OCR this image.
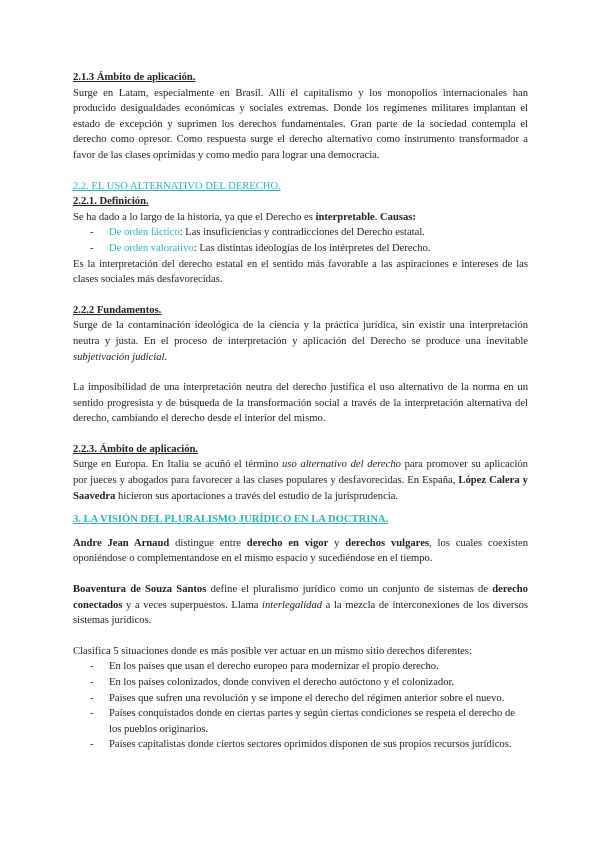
2.1.3 Ámbito de aplicación.

Surge en Latam, especialmente en Brasil. Allí el capitalismo y los monopolios internacionales han producido desigualdades económicas y sociales extremas. Donde los regímenes militares implantan el estado de excepción y suprimen los derechos fundamentales. Gran parte de la sociedad contempla el derecho como opresor. Como respuesta surge el derecho alternativo como instrumento transformador a favor de las clases oprimidas y como medio para lograr una democracia.

2.2. EL USO ALTERNATIVO DEL DERECHO.

2.2.1. Definición.

Se ha dado a lo largo de la historia, ya que el Derecho es interpretable. Causas:

- De orden fáctico: Las insuficiencias y contradicciones del Derecho estatal.
- De orden valorativo: Las distintas ideologías de los intérpretes del Derecho.

Es la interpretación del derecho estatal en el sentido más favorable a las aspiraciones e intereses de las clases sociales más desfavorecidas.

2.2.2 Fundamentos.

Surge de la contaminación ideológica de la ciencia y la práctica jurídica, sin existir una interpretación neutra y justa. En el proceso de interpretación y aplicación del Derecho se produce una inevitable subjetivación judicial.

La imposibilidad de una interpretación neutra del derecho justifica el uso alternativo de la norma en un sentido progresista y de búsqueda de la transformación social a través de la interpretación alternativa del derecho, cambiando el derecho desde el interior del mismo.

2.2.3. Ámbito de aplicación.

Surge en Europa. En Italia se acuñó el término uso alternativo del derecho para promover su aplicación por jueces y abogados para favorecer a las clases populares y desfavorecidas. En España, López Calera y Saavedra hicieron sus aportaciones a través del estudio de la jurisprudencia.

3. LA VISIÓN DEL PLURALISMO JURÍDICO EN LA DOCTRINA.

Andre Jean Arnaud distingue entre derecho en vigor y derechos vulgares, los cuales coexisten oponiéndose o complementandose en el mismo espacio y sucediéndose en el tiempo.

Boaventura de Souza Santos define el pluralismo jurídico como un conjunto de sistemas de derecho conectados y a veces superpuestos. Llama interlegalidad a la mezcla de interconexiones de los diversos sistemas jurídicos.

Clasifica 5 situaciones donde es más posible ver actuar en un mismo sitio derechos diferentes:

- En los países que usan el derecho europeo para modernizar el propio derecho.
- En los países colonizados, donde conviven el derecho autóctono y el colonizador.
- Países que sufren una revolución y se impone el derecho del régimen anterior sobre el nuevo.
- Países conquistados donde en ciertas partes y según ciertas condiciones se respeta el derecho de los pueblos originarios.
- Países capitalistas donde ciertos sectores oprimidos disponen de sus propios recursos jurídicos.
